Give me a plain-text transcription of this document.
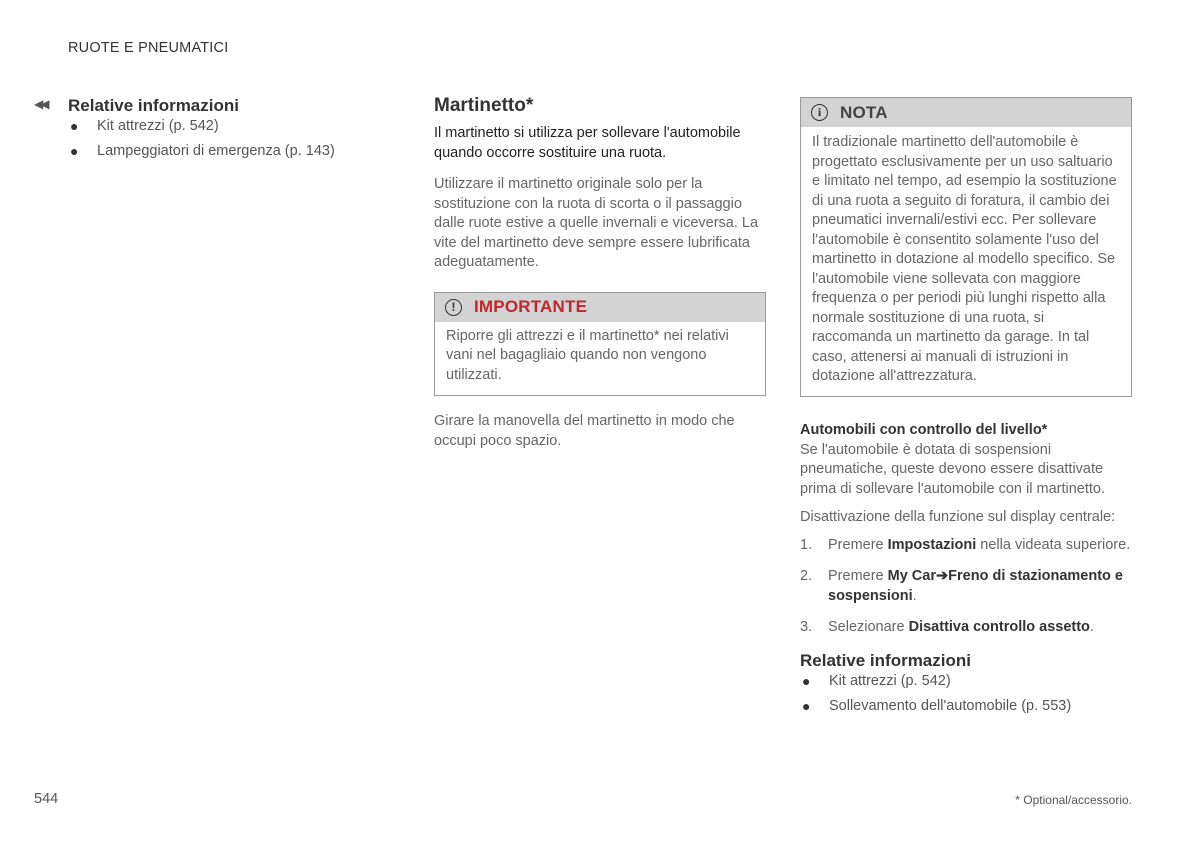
RUOTE E PNEUMATICI
◀◀ Relative informazioni
● Kit attrezzi (p. 542)
● Lampeggiatori di emergenza (p. 143)
Martinetto*

Il martinetto si utilizza per sollevare l'automobile quando occorre sostituire una ruota.

Utilizzare il martinetto originale solo per la sostituzione con la ruota di scorta o il passaggio dalle ruote estive a quelle invernali e viceversa. La vite del martinetto deve sempre essere lubrificata adeguatamente.

!	IMPORTANTE
Riporre gli attrezzi e il martinetto* nei relativi vani nel bagagliaio quando non vengono utilizzati.

Girare la manovella del martinetto in modo che occupi poco spazio.

i	NOTA
Il tradizionale martinetto dell'automobile è progettato esclusivamente per un uso saltuario e limitato nel tempo, ad esempio la sostituzione di una ruota a seguito di foratura, il cambio dei pneumatici invernali/estivi ecc. Per sollevare l'automobile è consentito solamente l'uso del martinetto in dotazione al modello specifico. Se l'automobile viene sollevata con maggiore frequenza o per periodi più lunghi rispetto alla normale sostituzione di una ruota, si raccomanda un martinetto da garage. In tal caso, attenersi ai manuali di istruzioni in dotazione all'attrezzatura.
Automobili con controllo del livello*

Se l'automobile è dotata di sospensioni pneumatiche, queste devono essere disattivate prima di sollevare l'automobile con il martinetto.

Disattivazione della funzione sul display centrale:

1. Premere Impostazioni nella videata superiore.
2. Premere My Car➔Freno di stazionamento e sospensioni.
3. Selezionare Disattiva controllo assetto.
Relative informazioni
● Kit attrezzi (p. 542)
● Sollevamento dell'automobile (p. 553)
544	* Optional/accessorio.
